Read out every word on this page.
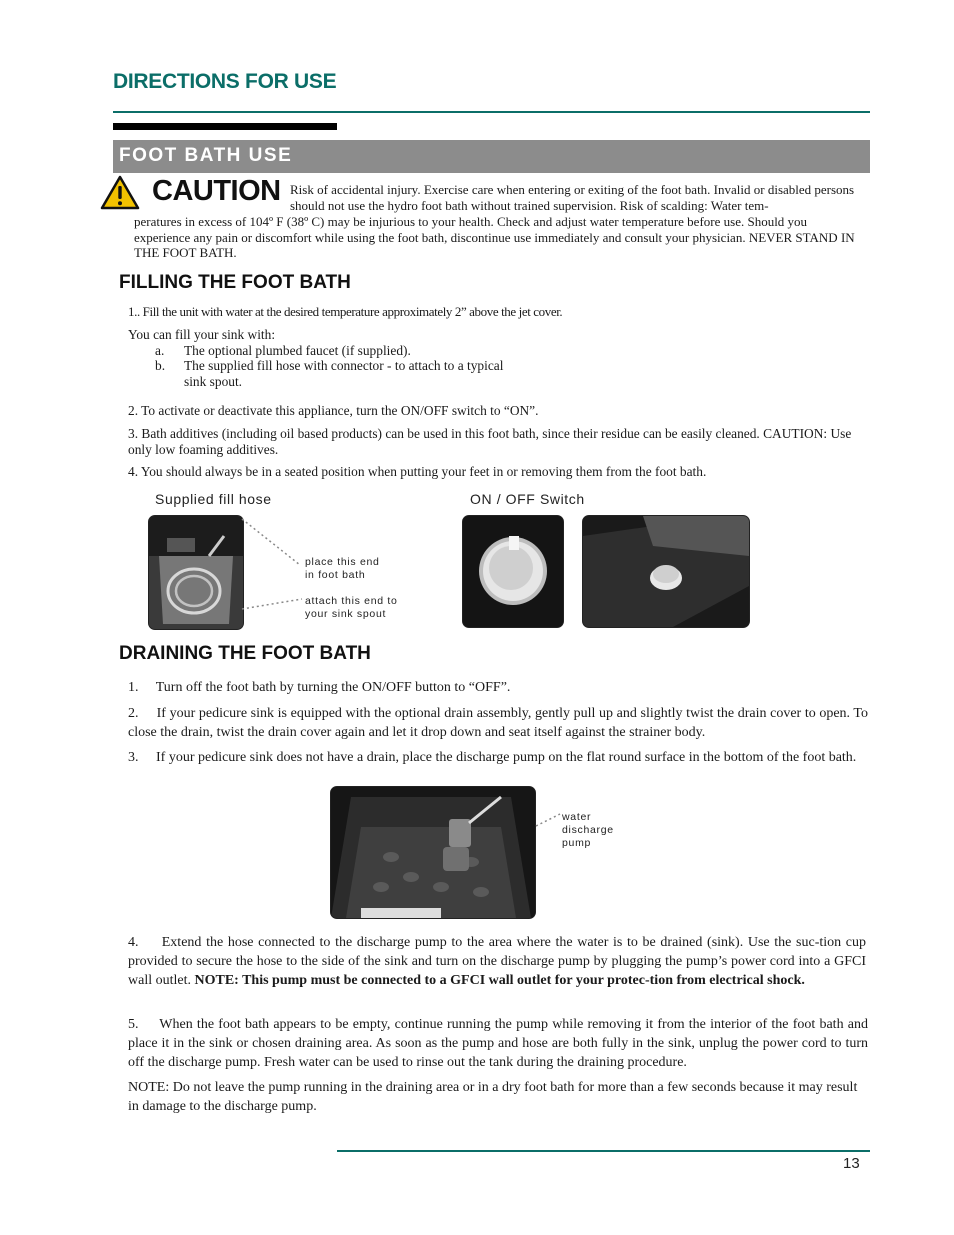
DIRECTIONS FOR USE
FOOT BATH USE
CAUTION Risk of accidental injury. Exercise care when entering or exiting of the foot bath. Invalid or disabled persons should not use the hydro foot bath without trained supervision. Risk of scalding: Water tem-
peratures in excess of 104º F (38º C) may be injurious to your health. Check and adjust water temperature before use. Should you experience any pain or discomfort while using the foot bath, discontinue use immediately and consult your physician. NEVER STAND IN THE FOOT BATH.
FILLING THE FOOT BATH
1.. Fill the unit with water at the desired temperature approximately 2” above the jet cover.
You can fill your sink with:
a. The optional plumbed faucet (if supplied).
b. The supplied fill hose with connector - to attach to a typical sink spout.
2. To activate or deactivate this appliance, turn the ON/OFF switch to “ON”.
3. Bath additives (including oil based products) can be used in this foot bath, since their residue can be easily cleaned. CAUTION: Use only low foaming additives.
4. You should always be in a seated position when putting your feet in or removing them from the foot bath.
Supplied fill hose	ON / OFF Switch
place this end
in foot bath
attach this end to
your sink spout
DRAINING THE FOOT BATH
1.     Turn off the foot bath by turning the ON/OFF button to “OFF”.
2.     If your pedicure sink is equipped with the optional drain assembly, gently pull up and slightly twist the drain cover to open. To close the drain, twist the drain cover again and let it drop down and seat itself against the strainer body.
3.     If your pedicure sink does not have a drain, place the discharge pump on the flat round surface in the bottom of the foot bath.
water
discharge
pump
4.     Extend the hose connected to the discharge pump to the area where the water is to be drained (sink). Use the suc-tion cup provided to secure the hose to the side of the sink and turn on the discharge pump by plugging the pump’s power cord into a GFCI wall outlet. NOTE: This pump must be connected to a GFCI wall outlet for your protec-tion from electrical shock.
5.     When the foot bath appears to be empty, continue running the pump while removing it from the interior of the foot bath and place it in the sink or chosen draining area. As soon as the pump and hose are both fully in the sink, unplug the power cord to turn off the discharge pump. Fresh water can be used to rinse out the tank during the draining procedure.
NOTE: Do not leave the pump running in the draining area or in a dry foot bath for more than a few seconds because it may result in damage to the discharge pump.
13
